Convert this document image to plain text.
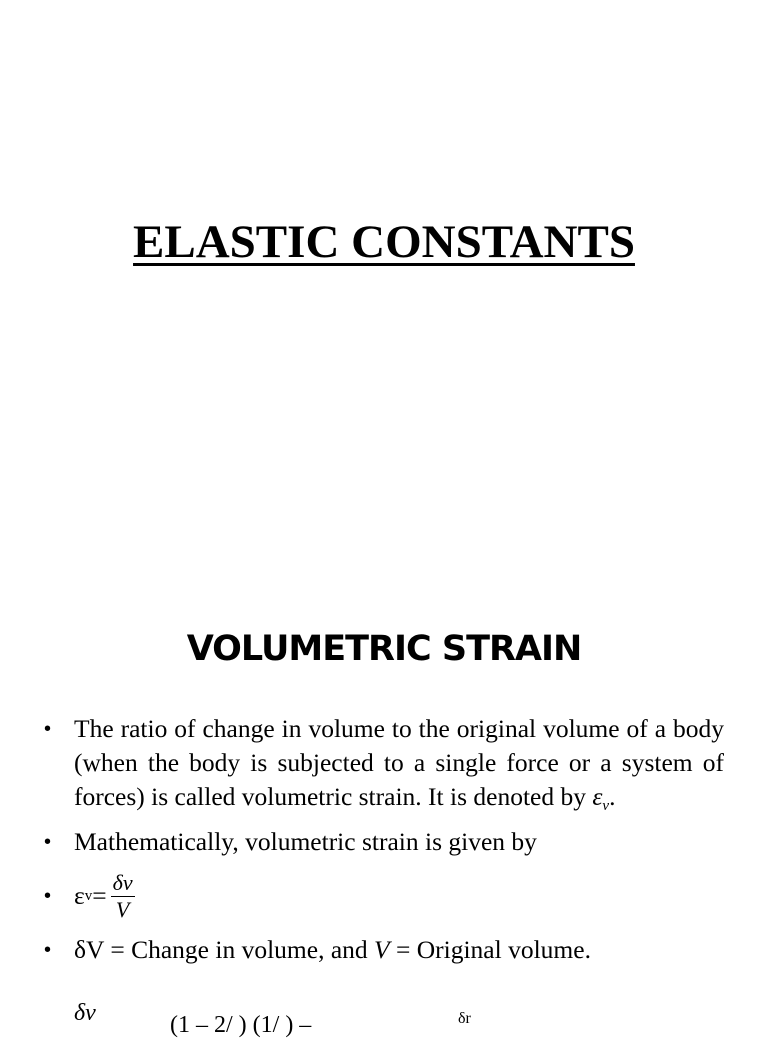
ELASTIC CONSTANTS
VOLUMETRIC STRAIN
• The ratio of change in volume to the original volume of a body (when the body is subjected to a single force or a system of forces) is called volumetric strain. It is denoted by $\varepsilon_v$.
• Mathematically, volumetric strain is given by
• ε $v = \frac{\delta v}{V}$
• δV = Change in volume, and V = Original volume.
δv	(1 – 2/ ) (1/ ) –	δr
